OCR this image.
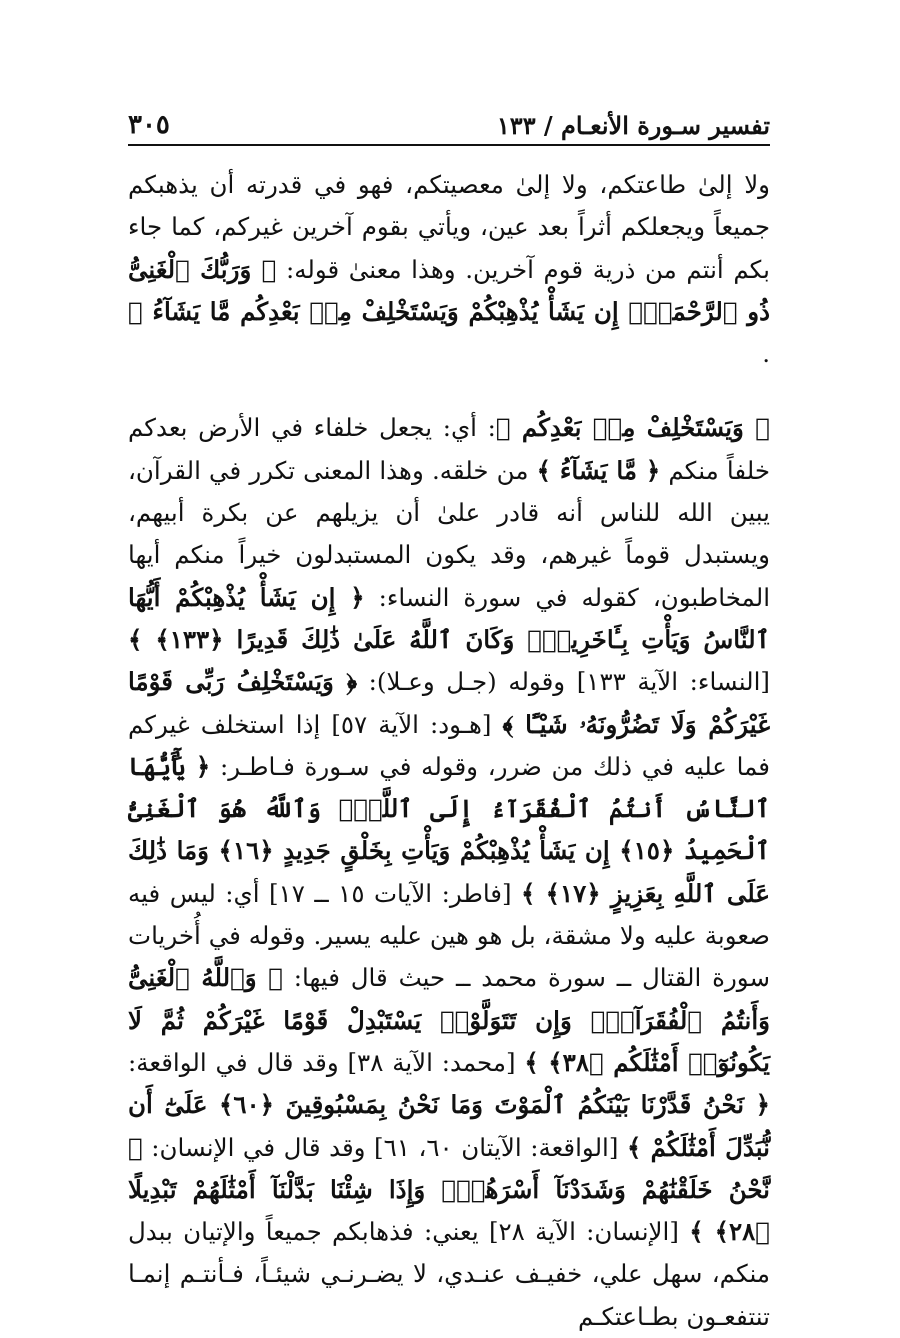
تفسير سـورة الأنعـام / ١٣٣
٣٠٥

ولا إلىٰ طاعتكم، ولا إلىٰ معصيتكم، فهو في قدرته أن يذهبكم جميعاً ويجعلكم أثراً بعد عين، ويأتي بقوم آخرين غيركم، كما جاء بكم أنتم من ذرية قوم آخرين. وهذا معنىٰ قوله: ﴿ وَرَبُّكَ ٱلْغَنِىُّ ذُو ٱلرَّحْمَةِۚ إِن يَشَأْ يُذْهِبْكُمْ وَيَسْتَخْلِفْ مِنۢ بَعْدِكُم مَّا يَشَآءُ ﴾ .

﴿ وَيَسْتَخْلِفْ مِنۢ بَعْدِكُم ﴾: أي: يجعل خلفاء في الأرض بعدكم خلفاً منكم ﴿ مَّا يَشَآءُ ﴾ من خلقه. وهذا المعنى تكرر في القرآن، يبين الله للناس أنه قادر علىٰ أن يزيلهم عن بكرة أبيهم، ويستبدل قوماً غيرهم، وقد يكون المستبدلون خيراً منكم أيها المخاطبون، كقوله في سورة النساء: ﴿ إِن يَشَأْ يُذْهِبْكُمْ أَيُّهَا ٱلنَّاسُ وَيَأْتِ بِـَٔاخَرِينَۚ وَكَانَ ٱللَّهُ عَلَىٰ ذَٰلِكَ قَدِيرًا ﴿١٣٣﴾ ﴾ [النساء: الآية ١٣٣] وقوله (جـل وعـلا): ﴿ وَيَسْتَخْلِفُ رَبِّى قَوْمًا غَيْرَكُمْ وَلَا تَضُرُّونَهُۥ شَيْـًٔا ﴾ [هـود: الآية ٥٧] إذا استخلف غيركم فما عليه في ذلك من ضرر، وقوله في سـورة فـاطـر: ﴿ يَٰٓأَيُّهَا ٱلنَّاسُ أَنتُمُ ٱلْفُقَرَآءُ إِلَى ٱللَّهِۖ وَٱللَّهُ هُوَ ٱلْغَنِىُّ ٱلْحَمِيدُ ﴿١٥﴾ إِن يَشَأْ يُذْهِبْكُمْ وَيَأْتِ بِخَلْقٍ جَدِيدٍ ﴿١٦﴾ وَمَا ذَٰلِكَ عَلَى ٱللَّهِ بِعَزِيزٍ ﴿١٧﴾ ﴾ [فاطر: الآيات ١٥ ــ ١٧] أي: ليس فيه صعوبة عليه ولا مشقة، بل هو هين عليه يسير. وقوله في أُخريات سورة القتال ــ سورة محمد ــ حيث قال فيها: ﴿ وَٱللَّهُ ٱلْغَنِىُّ وَأَنتُمُ ٱلْفُقَرَآءُۚ وَإِن تَتَوَلَّوْا۟ يَسْتَبْدِلْ قَوْمًا غَيْرَكُمْ ثُمَّ لَا يَكُونُوٓا۟ أَمْثَٰلَكُم ﴿٣٨﴾ ﴾ [محمد: الآية ٣٨] وقد قال في الواقعة: ﴿ نَحْنُ قَدَّرْنَا بَيْنَكُمُ ٱلْمَوْتَ وَمَا نَحْنُ بِمَسْبُوقِينَ ﴿٦٠﴾ عَلَىٰٓ أَن نُّبَدِّلَ أَمْثَٰلَكُمْ ﴾ [الواقعة: الآيتان ٦٠، ٦١] وقد قال في الإنسان: ﴿ نَّحْنُ خَلَقْنَٰهُمْ وَشَدَدْنَآ أَسْرَهُمْۖ وَإِذَا شِئْنَا بَدَّلْنَآ أَمْثَٰلَهُمْ تَبْدِيلًا ﴿٢٨﴾ ﴾ [الإنسان: الآية ٢٨] يعني: فذهابكم جميعاً والإتيان ببدل منكم، سهل علي، خفيـف عنـدي، لا يضـرنـي شيئـاً، فـأنتـم إنمـا تنتفعـون بطـاعتكـم
